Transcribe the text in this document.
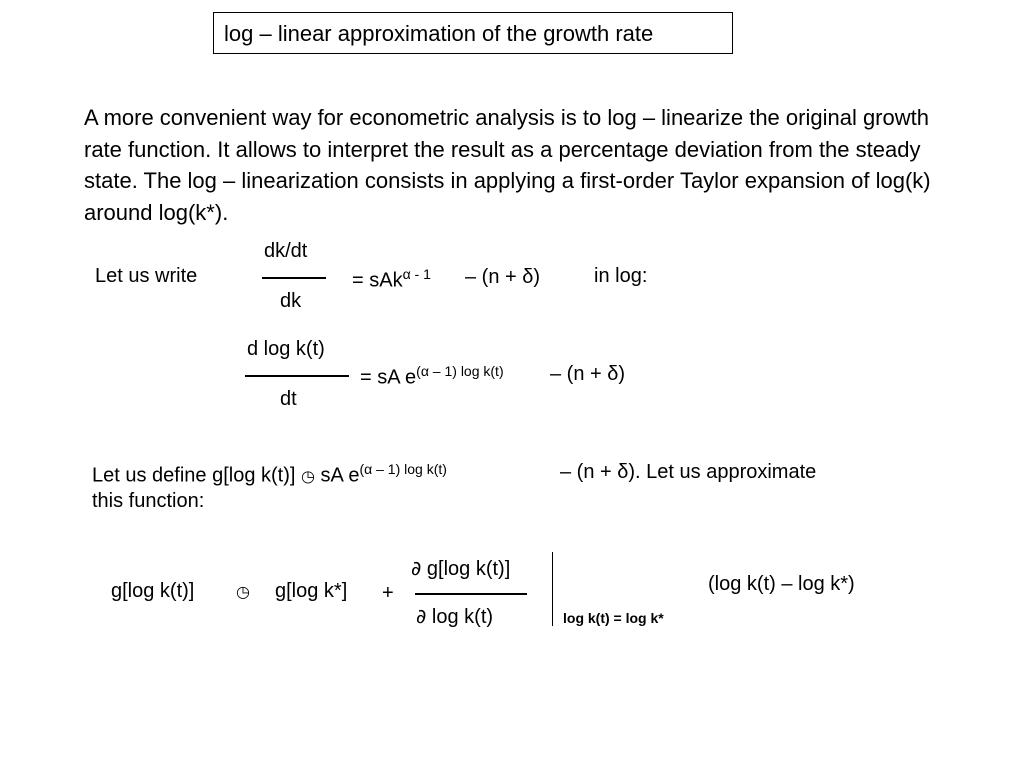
log – linear approximation of the growth rate
A more convenient way for econometric analysis is to log – linearize the original growth rate function. It allows to interpret the result as a percentage deviation from the steady state. The log – linearization consists in applying a first-order Taylor expansion of log(k) around log(k*).
Let us write
dk/dt
dk
= sAk$^{\alpha - 1}$ – (n + δ)	in log:
d log k(t)
dt
= sA $e^{(\alpha - 1) log k(t)} - (n + \delta)$
Let us define g[log k(t)] ◷ sA $e^{(\alpha - 1) log k(t)}$	– (n + δ). Let us approximate
this function:
g[log k(t)]	◷ g[log k*] +
∂ g[log k(t)]
∂ log k(t)	log k(t) = log k*
(log k(t) – log k*)
